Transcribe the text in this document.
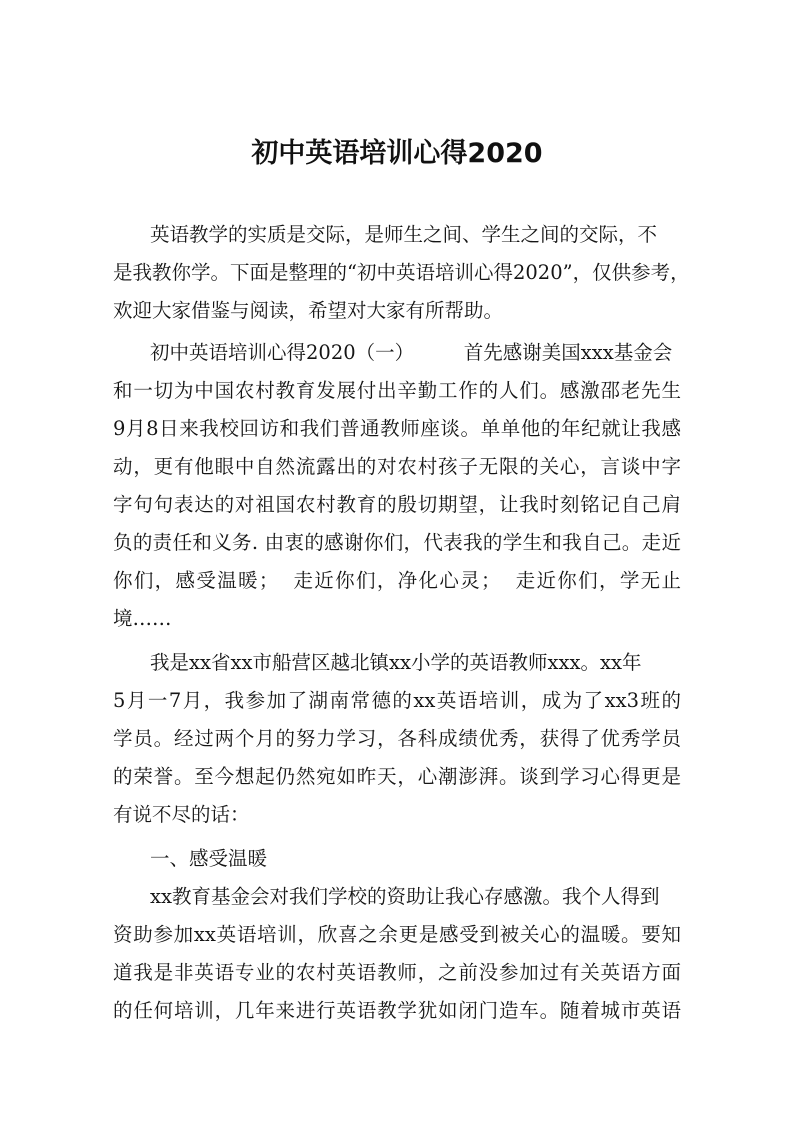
初中英语培训心得2020
英语教学的实质是交际，是师生之间、学生之间的交际，不
是我教你学。下面是整理的“初中英语培训心得2020”，仅供参考，
欢迎大家借鉴与阅读，希望对大家有所帮助。
初中英语培训心得2020（一）        首先感谢美国xxx基金会
和一切为中国农村教育发展付出辛勤工作的人们。感激邵老先生
9月8日来我校回访和我们普通教师座谈。单单他的年纪就让我感
动，更有他眼中自然流露出的对农村孩子无限的关心，言谈中字
字句句表达的对祖国农村教育的殷切期望，让我时刻铭记自己肩
负的责任和义务. 由衷的感谢你们，代表我的学生和我自己。走近
你们，感受温暖；  走近你们，净化心灵；  走近你们，学无止
境……
我是xx省xx市船营区越北镇xx小学的英语教师xxx。xx年
5月一7月，我参加了湖南常德的xx英语培训，成为了xx3班的
学员。经过两个月的努力学习，各科成绩优秀，获得了优秀学员
的荣誉。至今想起仍然宛如昨天，心潮澎湃。谈到学习心得更是
有说不尽的话：
一、感受温暖
xx教育基金会对我们学校的资助让我心存感激。我个人得到
资助参加xx英语培训，欣喜之余更是感受到被关心的温暖。要知
道我是非英语专业的农村英语教师，之前没参加过有关英语方面
的任何培训，几年来进行英语教学犹如闭门造车。随着城市英语
